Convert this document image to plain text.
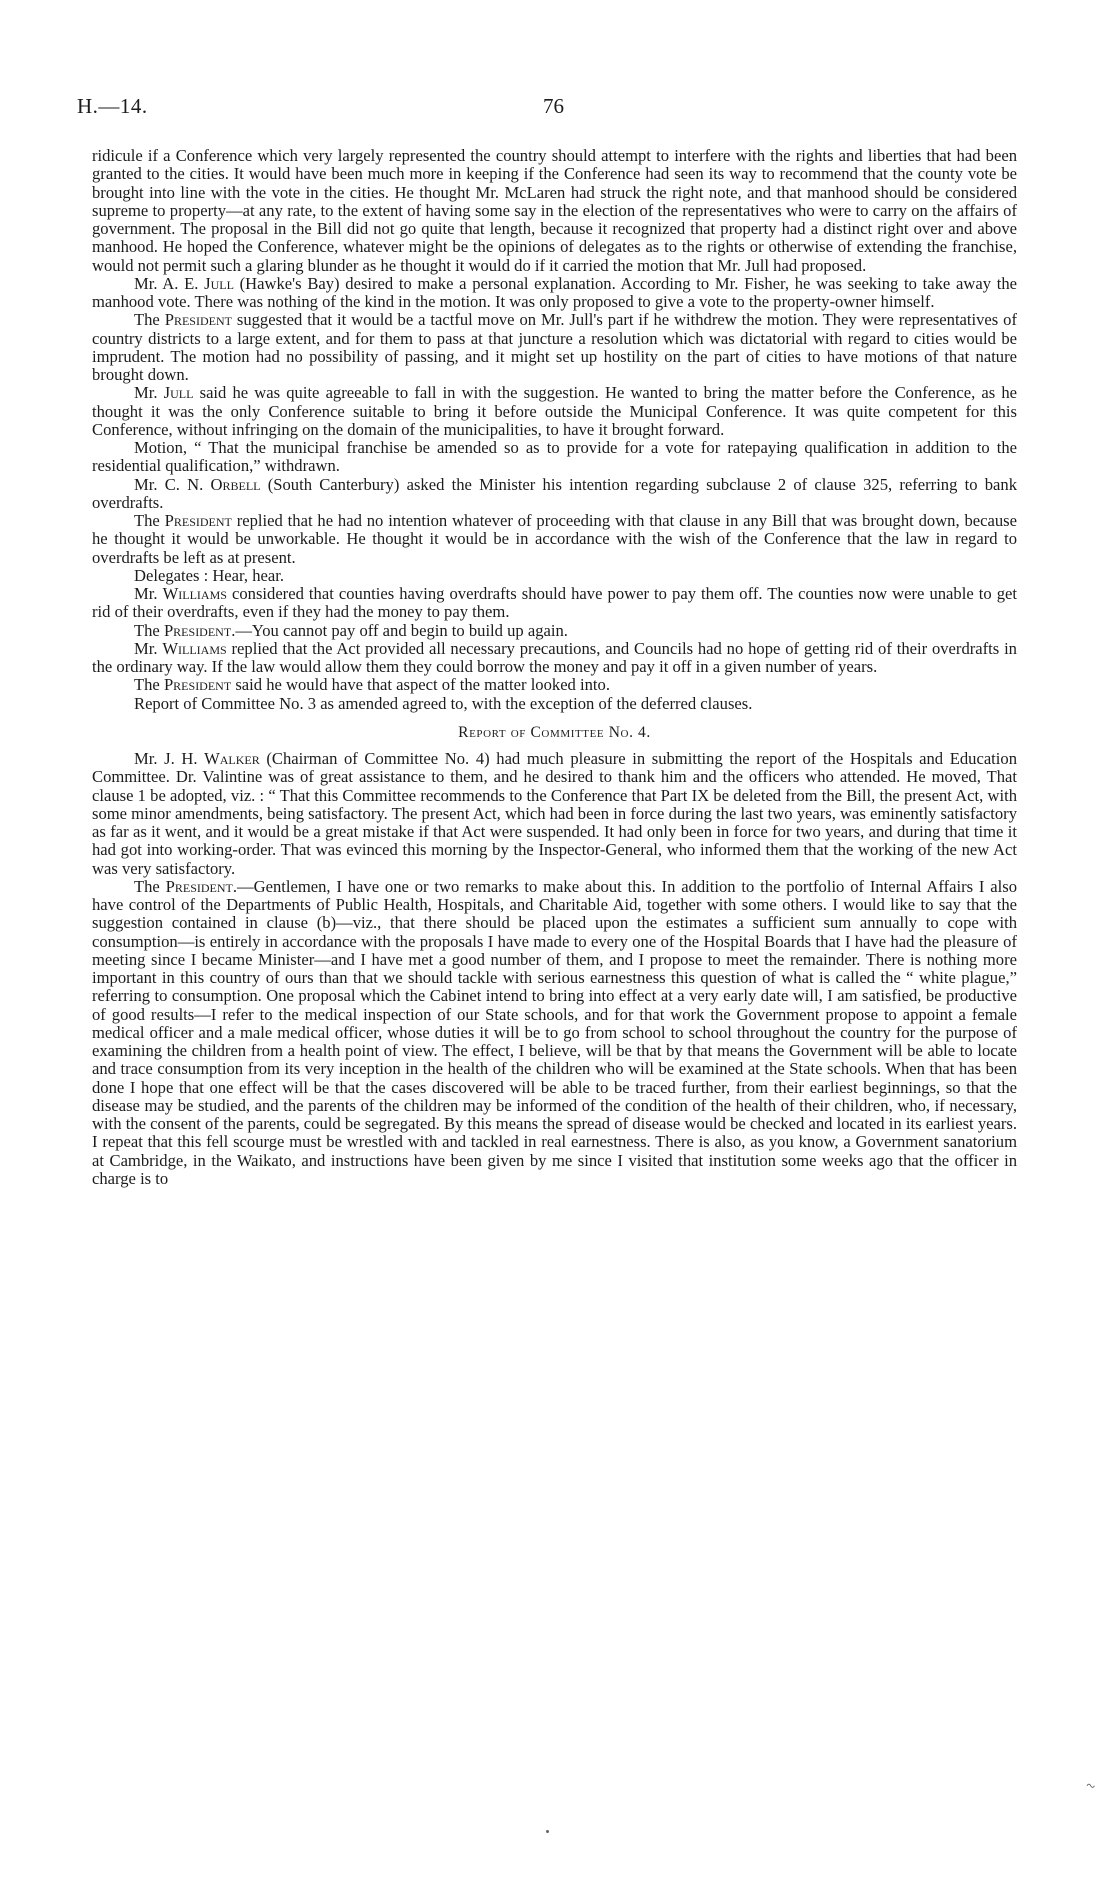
H.—14.	76

ridicule if a Conference which very largely represented the country should attempt to interfere with the rights and liberties that had been granted to the cities. It would have been much more in keeping if the Conference had seen its way to recommend that the county vote be brought into line with the vote in the cities. He thought Mr. McLaren had struck the right note, and that manhood should be considered supreme to property—at any rate, to the extent of having some say in the election of the representatives who were to carry on the affairs of government. The proposal in the Bill did not go quite that length, because it recognized that property had a distinct right over and above manhood. He hoped the Conference, whatever might be the opinions of delegates as to the rights or otherwise of extending the franchise, would not permit such a glaring blunder as he thought it would do if it carried the motion that Mr. Jull had proposed.

Mr. A. E. Jull (Hawke's Bay) desired to make a personal explanation. According to Mr. Fisher, he was seeking to take away the manhood vote. There was nothing of the kind in the motion. It was only proposed to give a vote to the property-owner himself.

The President suggested that it would be a tactful move on Mr. Jull's part if he withdrew the motion. They were representatives of country districts to a large extent, and for them to pass at that juncture a resolution which was dictatorial with regard to cities would be imprudent. The motion had no possibility of passing, and it might set up hostility on the part of cities to have motions of that nature brought down.

Mr. Jull said he was quite agreeable to fall in with the suggestion. He wanted to bring the matter before the Conference, as he thought it was the only Conference suitable to bring it before outside the Municipal Conference. It was quite competent for this Conference, without infringing on the domain of the municipalities, to have it brought forward.

Motion, “ That the municipal franchise be amended so as to provide for a vote for ratepaying qualification in addition to the residential qualification,” withdrawn.

Mr. C. N. Orbell (South Canterbury) asked the Minister his intention regarding subclause 2 of clause 325, referring to bank overdrafts.

The President replied that he had no intention whatever of proceeding with that clause in any Bill that was brought down, because he thought it would be unworkable. He thought it would be in accordance with the wish of the Conference that the law in regard to overdrafts be left as at present.

Delegates : Hear, hear.

Mr. Williams considered that counties having overdrafts should have power to pay them off. The counties now were unable to get rid of their overdrafts, even if they had the money to pay them.

The President.—You cannot pay off and begin to build up again.

Mr. Williams replied that the Act provided all necessary precautions, and Councils had no hope of getting rid of their overdrafts in the ordinary way. If the law would allow them they could borrow the money and pay it off in a given number of years.

The President said he would have that aspect of the matter looked into.

Report of Committee No. 3 as amended agreed to, with the exception of the deferred clauses.

Report of Committee No. 4.

Mr. J. H. Walker (Chairman of Committee No. 4) had much pleasure in submitting the report of the Hospitals and Education Committee. Dr. Valintine was of great assistance to them, and he desired to thank him and the officers who attended. He moved, That clause 1 be adopted, viz. : “ That this Committee recommends to the Conference that Part IX be deleted from the Bill, the present Act, with some minor amendments, being satisfactory. The present Act, which had been in force during the last two years, was eminently satisfactory as far as it went, and it would be a great mistake if that Act were suspended. It had only been in force for two years, and during that time it had got into working-order. That was evinced this morning by the Inspector-General, who informed them that the working of the new Act was very satisfactory.

The President.—Gentlemen, I have one or two remarks to make about this. In addition to the portfolio of Internal Affairs I also have control of the Departments of Public Health, Hospitals, and Charitable Aid, together with some others. I would like to say that the suggestion contained in clause (b)—viz., that there should be placed upon the estimates a sufficient sum annually to cope with consumption—is entirely in accordance with the proposals I have made to every one of the Hospital Boards that I have had the pleasure of meeting since I became Minister—and I have met a good number of them, and I propose to meet the remainder. There is nothing more important in this country of ours than that we should tackle with serious earnestness this question of what is called the “ white plague,” referring to consumption. One proposal which the Cabinet intend to bring into effect at a very early date will, I am satisfied, be productive of good results—I refer to the medical inspection of our State schools, and for that work the Government propose to appoint a female medical officer and a male medical officer, whose duties it will be to go from school to school throughout the country for the purpose of examining the children from a health point of view. The effect, I believe, will be that by that means the Government will be able to locate and trace consumption from its very inception in the health of the children who will be examined at the State schools. When that has been done I hope that one effect will be that the cases discovered will be able to be traced further, from their earliest beginnings, so that the disease may be studied, and the parents of the children may be informed of the condition of the health of their children, who, if necessary, with the consent of the parents, could be segregated. By this means the spread of disease would be checked and located in its earliest years. I repeat that this fell scourge must be wrestled with and tackled in real earnestness. There is also, as you know, a Government sanatorium at Cambridge, in the Waikato, and instructions have been given by me since I visited that institution some weeks ago that the officer in charge is to

~
